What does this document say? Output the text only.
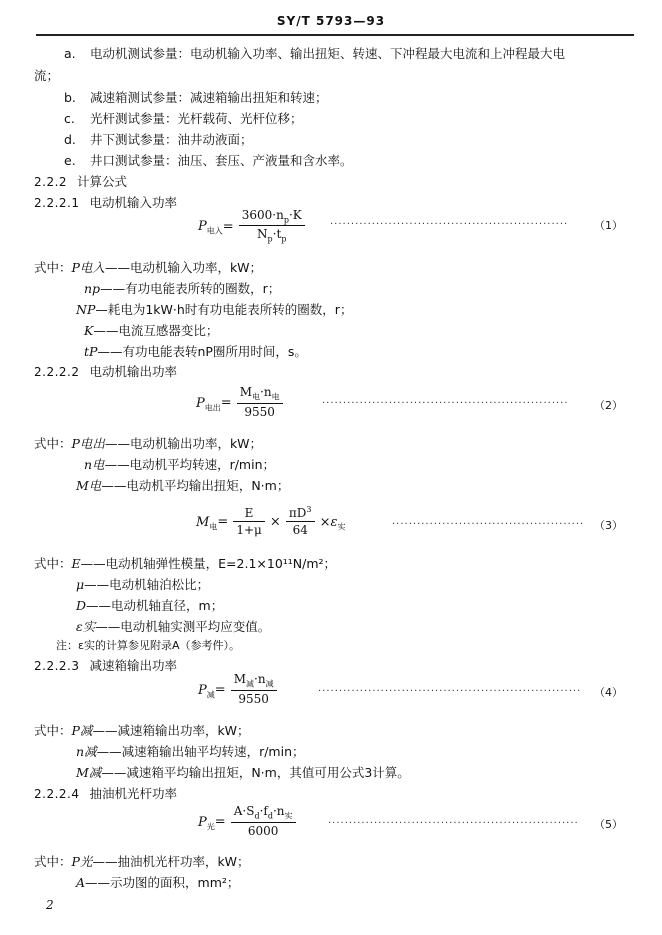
SY/T 5793—93
a. 电动机测试参量：电动机输入功率、输出扭矩、转速、下冲程最大电流和上冲程最大电
流；
b. 减速箱测试参量：减速箱输出扭矩和转速；
c. 光杆测试参量：光杆载荷、光杆位移；
d. 井下测试参量：油井动液面；
e. 井口测试参量：油压、套压、产液量和含水率。
2.2.2 计算公式
2.2.2.1 电动机输入功率
$P_{电入}= \frac{3600\cdot n_p\cdot K}{N_p\cdot t_p}$	·························································	（1）
式中：P电入——电动机输入功率，kW；
np——有功电能表所转的圈数，r；
NP—耗电为1kW·h时有功电能表所转的圈数，r；
K——电流互感器变比；
tP——有功电能表转nP圈所用时间，s。
2.2.2.2 电动机输出功率
$P_{电出}= \frac{M_电\cdot n_电}{9550}$	···························································	（2）
式中：P电出——电动机输出功率，kW；
n电——电动机平均转速，r/min；
M电——电动机平均输出扭矩，N·m；
$M_电= \frac{E}{1+\mu} \times \frac{\pi D^3}{64} \times\varepsilon_实$	·············································· （3）
式中：E——电动机轴弹性模量，E=2.1×10¹¹N/m²；
μ——电动机轴泊松比；
D——电动机轴直径，m；
ε实——电动机轴实测平均应变值。
注：ε实的计算参见附录A（参考件）。
2.2.2.3 减速箱输出功率
$P_减= \frac{M_减\cdot n_减}{9550}$	······························································· （4）
式中：P减——减速箱输出功率，kW；
n减——减速箱输出轴平均转速，r/min；
M减——减速箱平均输出扭矩，N·m，其值可用公式3计算。
2.2.2.4 抽油机光杆功率
$P_光= \frac{A\cdot S_d\cdot f_d\cdot n_实}{6000}$	····························································	（5）
式中：P光——抽油机光杆功率，kW；
A——示功图的面积，mm²；
2
